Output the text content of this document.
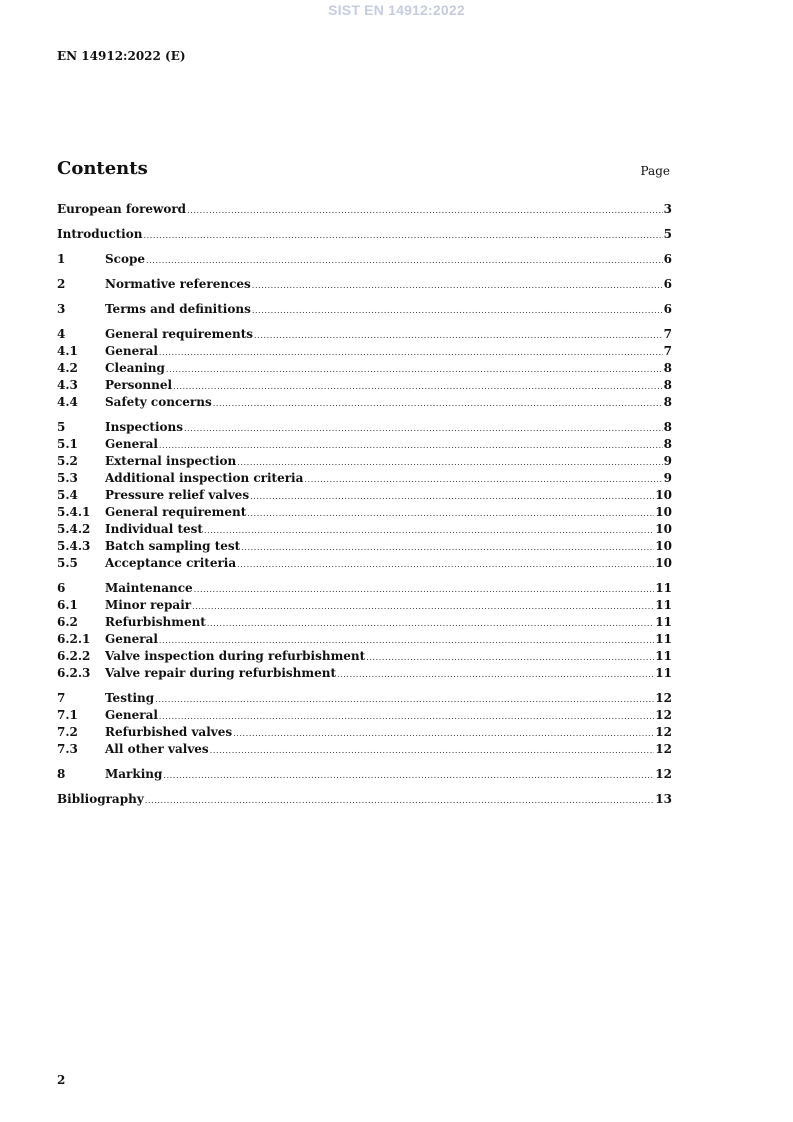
SIST EN 14912:2022
EN 14912:2022 (E)
Contents	Page
European foreword .....	3
Introduction .....	5
1	Scope .....	6
2	Normative references .....	6
3	Terms and definitions .....	6
4	General requirements .....	7
4.1	General .....	7
4.2	Cleaning .....	8
4.3	Personnel .....	8
4.4	Safety concerns .....	8
5	Inspections .....	8
5.1	General .....	8
5.2	External inspection .....	9
5.3	Additional inspection criteria .....	9
5.4	Pressure relief valves .....	10
5.4.1	General requirement .....	10
5.4.2	Individual test .....	10
5.4.3	Batch sampling test .....	10
5.5	Acceptance criteria .....	10
6	Maintenance .....	11
6.1	Minor repair .....	11
6.2	Refurbishment .....	11
6.2.1	General .....	11
6.2.2	Valve inspection during refurbishment .....	11
6.2.3	Valve repair during refurbishment .....	11
7	Testing .....	12
7.1	General .....	12
7.2	Refurbished valves .....	12
7.3	All other valves .....	12
8	Marking .....	12
Bibliography .....	13
2
